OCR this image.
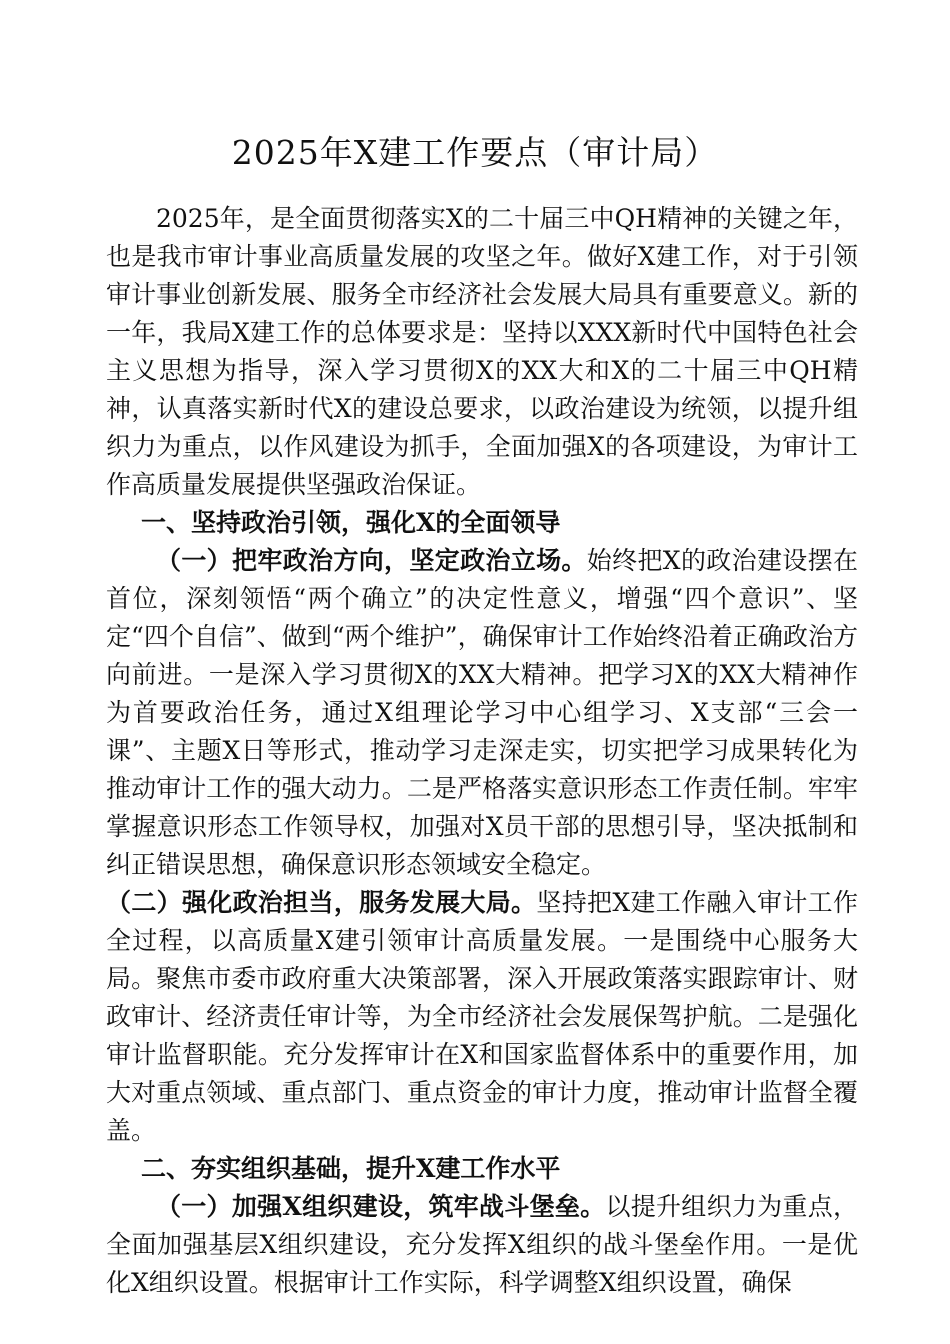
2025年X建工作要点（审计局）

2025年，是全面贯彻落实X的二十届三中QH精神的关键之年，也是我市审计事业高质量发展的攻坚之年。做好X建工作，对于引领审计事业创新发展、服务全市经济社会发展大局具有重要意义。新的一年，我局X建工作的总体要求是：坚持以XXX新时代中国特色社会主义思想为指导，深入学习贯彻X的XX大和X的二十届三中QH精神，认真落实新时代X的建设总要求，以政治建设为统领，以提升组织力为重点，以作风建设为抓手，全面加强X的各项建设，为审计工作高质量发展提供坚强政治保证。

一、坚持政治引领，强化X的全面领导

（一）把牢政治方向，坚定政治立场。始终把X的政治建设摆在首位，深刻领悟“两个确立”的决定性意义，增强“四个意识”、坚定“四个自信”、做到“两个维护”，确保审计工作始终沿着正确政治方向前进。一是深入学习贯彻X的XX大精神。把学习X的XX大精神作为首要政治任务，通过X组理论学习中心组学习、X支部“三会一课”、主题X日等形式，推动学习走深走实，切实把学习成果转化为推动审计工作的强大动力。二是严格落实意识形态工作责任制。牢牢掌握意识形态工作领导权，加强对X员干部的思想引导，坚决抵制和纠正错误思想，确保意识形态领域安全稳定。

（二）强化政治担当，服务发展大局。坚持把X建工作融入审计工作全过程，以高质量X建引领审计高质量发展。一是围绕中心服务大局。聚焦市委市政府重大决策部署，深入开展政策落实跟踪审计、财政审计、经济责任审计等，为全市经济社会发展保驾护航。二是强化审计监督职能。充分发挥审计在X和国家监督体系中的重要作用，加大对重点领域、重点部门、重点资金的审计力度，推动审计监督全覆盖。

二、夯实组织基础，提升X建工作水平

（一）加强X组织建设，筑牢战斗堡垒。以提升组织力为重点，全面加强基层X组织建设，充分发挥X组织的战斗堡垒作用。一是优化X组织设置。根据审计工作实际，科学调整X组织设置，确保
